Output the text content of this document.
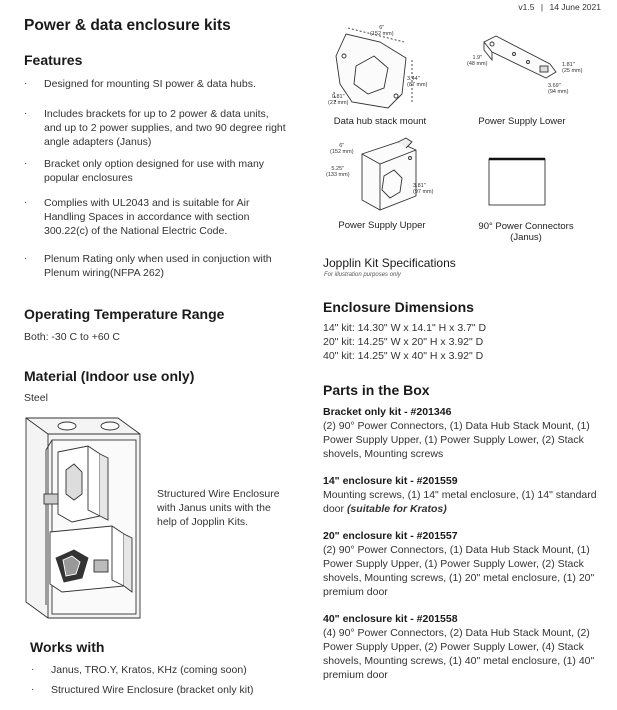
v1.5 | 14 June 2021
Power & data enclosure kits
Features
· Designed for mounting SI power & data hubs.
· Includes brackets for up to 2 power & data units, and up to 2 power supplies, and two 90 degree right angle adapters (Janus)
· Bracket only option designed for use with many popular enclosures
· Complies with UL2043 and is suitable for Air Handling Spaces in accordance with section 300.22(c) of the National Electric Code.
· Plenum Rating only when used in conjuction with Plenum wiring(NFPA 262)
Operating Temperature Range
Both: -30 C to +60 C
Material (Indoor use only)
Steel
Structured Wire Enclosure with Janus units with the help of Jopplin Kits.
Works with
· Janus, TRO.Y, Kratos, KHz (coming soon)
· Structured Wire Enclosure (bracket only kit)
6"
(152 mm)
3.44"
(87 mm)
0.81"
(21 mm)
Data hub stack mount
1.9"
(48 mm)	1.81"
(25 mm)
3.69"
(94 mm)
Power Supply Lower
6"
(152 mm)
5.25"
(133 mm)
3.81"
(97 mm)
Power Supply Upper	90° Power Connectors (Janus)
Jopplin Kit Specifications
For illustration purposes only
Enclosure Dimensions
14" kit: 14.30" W x 14.1" H x 3.7" D
20" kit: 14.25" W x 20" H x 3.92" D
40" kit: 14.25" W x 40" H x 3.92" D
Parts in the Box
Bracket only kit - #201346
(2) 90° Power Connectors, (1) Data Hub Stack Mount, (1) Power Supply Upper, (1) Power Supply Lower, (2) Stack shovels, Mounting screws
14" enclosure kit - #201559
Mounting screws, (1) 14" metal enclosure, (1) 14" standard door (suitable for Kratos)
20" enclosure kit - #201557
(2) 90° Power Connectors, (1) Data Hub Stack Mount, (1) Power Supply Upper, (1) Power Supply Lower, (2) Stack shovels, Mounting screws, (1) 20" metal enclosure, (1) 20" premium door
40" enclosure kit - #201558
(4) 90° Power Connectors, (2) Data Hub Stack Mount, (2) Power Supply Upper, (2) Power Supply Lower, (4) Stack shovels, Mounting screws, (1) 40" metal enclosure, (1) 40" premium door
